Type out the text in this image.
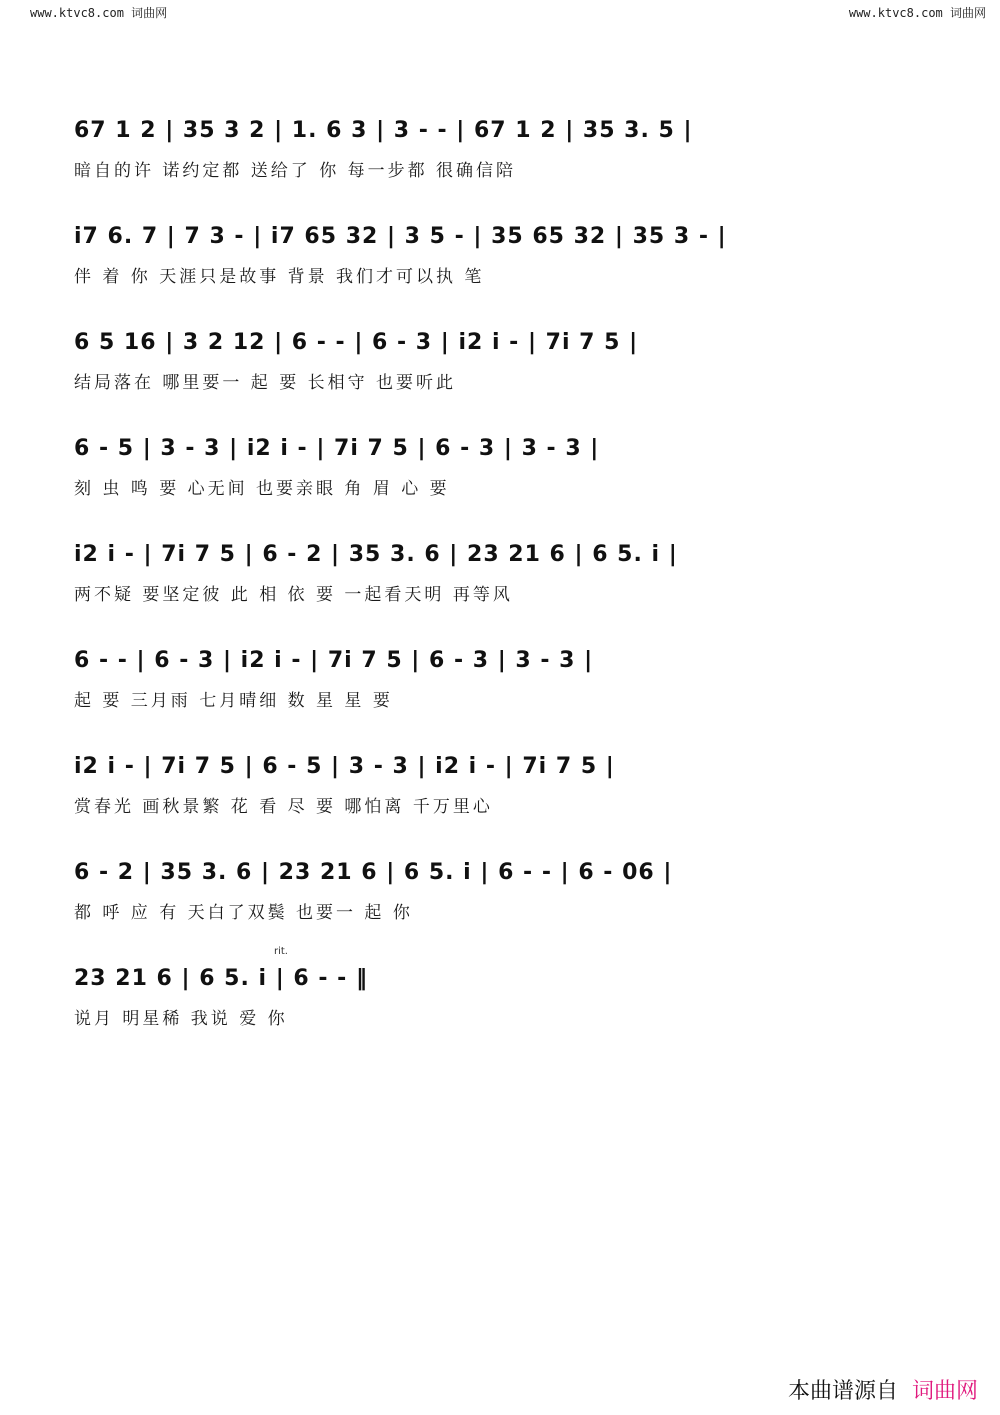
www.ktvc8.com 词曲网	www.ktvc8.com 词曲网
67 1 2 | 35 3 2 | 1. 6 3 | 3 - - | 67 1 2 | 35 3. 5 |
暗自的许 诺约定都 送给了 你 每一步都 很确信陪
i7 6. 7 | 7 3 - | i7 65 32 | 3 5 - | 35 65 32 | 35 3 - |
伴 着 你 天涯只是故事 背景 我们才可以执 笔
6 5 16 | 3 2 12 | 6 - - | 6 - 3 | i2 i - | 7i 7 5 |
结局落在 哪里要一 起 要 长相守 也要听此
6 - 5 | 3 - 3 | i2 i - | 7i 7 5 | 6 - 3 | 3 - 3 |
刻 虫 鸣 要 心无间 也要亲眼 角 眉 心 要
i2 i - | 7i 7 5 | 6 - 2 | 35 3. 6 | 23 21 6 | 6 5. i |
两不疑 要坚定彼 此 相 依 要 一起看天明 再等风
6 - - | 6 - 3 | i2 i - | 7i 7 5 | 6 - 3 | 3 - 3 |
起 要 三月雨 七月晴细 数 星 星 要
i2 i - | 7i 7 5 | 6 - 5 | 3 - 3 | i2 i - | 7i 7 5 |
赏春光 画秋景繁 花 看 尽 要 哪怕离 千万里心
6 - 2 | 35 3. 6 | 23 21 6 | 6 5. i | 6 - - | 6 - 06 |
都 呼 应 有 天白了双鬓 也要一 起 你
rit.
23 21 6 | 6 5. i | 6 - - ‖
说月 明星稀 我说 爱 你
本曲谱源自 词曲网
